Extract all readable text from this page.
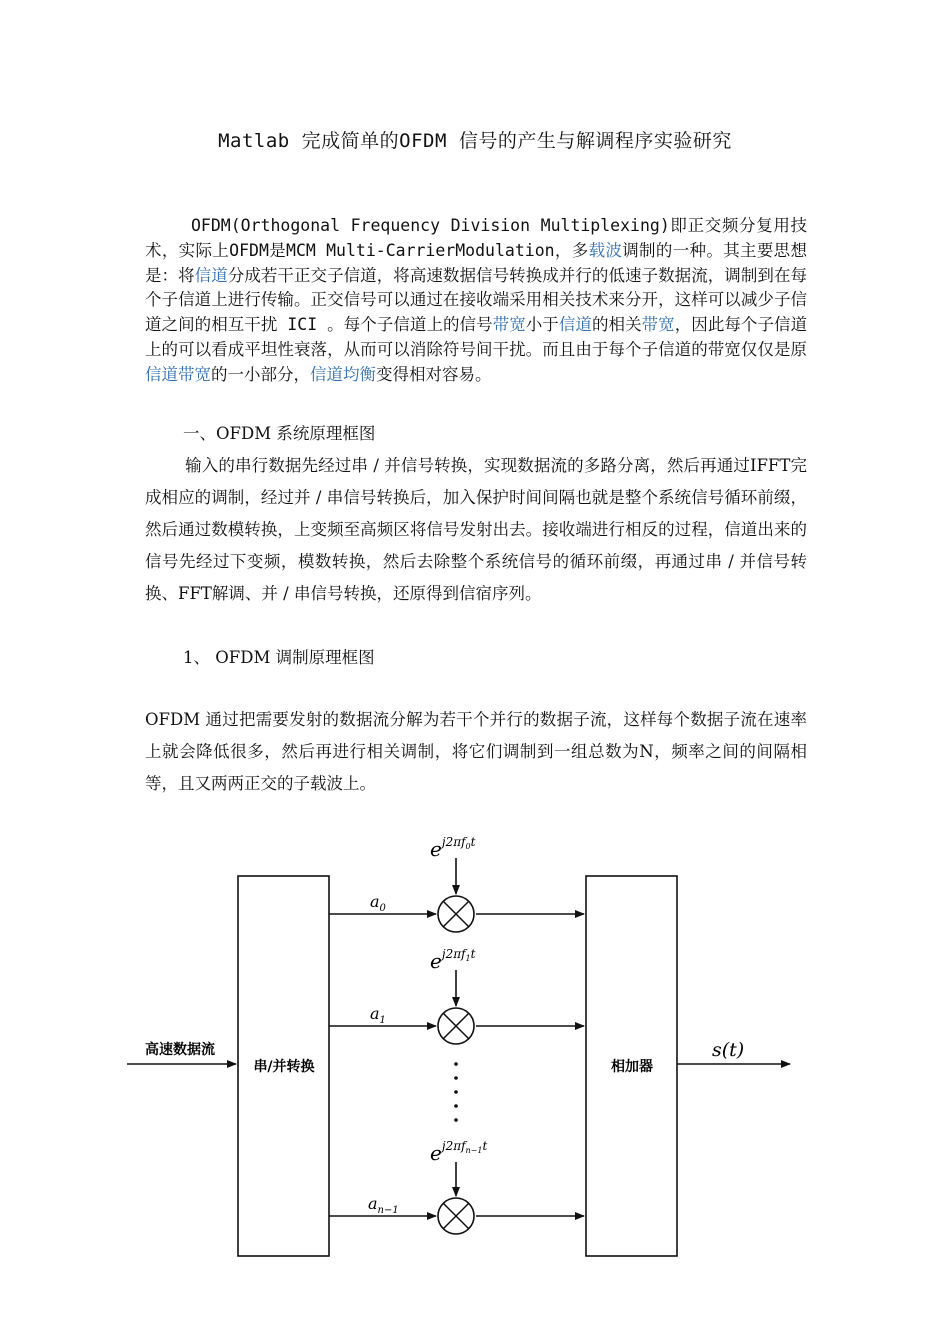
Matlab 完成简单的OFDM 信号的产生与解调程序实验研究
OFDM(Orthogonal Frequency Division Multiplexing)即正交频分复用技术，实际上OFDM是MCM Multi-CarrierModulation，多载波调制的一种。其主要思想是：将信道分成若干正交子信道，将高速数据信号转换成并行的低速子数据流，调制到在每个子信道上进行传输。正交信号可以通过在接收端采用相关技术来分开，这样可以减少子信道之间的相互干扰 ICI 。每个子信道上的信号带宽小于信道的相关带宽，因此每个子信道上的可以看成平坦性衰落，从而可以消除符号间干扰。而且由于每个子信道的带宽仅仅是原信道带宽的一小部分，信道均衡变得相对容易。
一、OFDM 系统原理框图
输入的串行数据先经过串 / 并信号转换，实现数据流的多路分离，然后再通过IFFT完成相应的调制，经过并 / 串信号转换后，加入保护时间间隔也就是整个系统信号循环前缀，然后通过数模转换，上变频至高频区将信号发射出去。接收端进行相反的过程，信道出来的信号先经过下变频，模数转换，然后去除整个系统信号的循环前缀，再通过串 / 并信号转换、FFT解调、并 / 串信号转换，还原得到信宿序列。
1、 OFDM 调制原理框图
OFDM 通过把需要发射的数据流分解为若干个并行的数据子流，这样每个数据子流在速率上就会降低很多，然后再进行相关调制，将它们调制到一组总数为N，频率之间的间隔相等，且又两两正交的子载波上。
串/并转换	相加器
高速数据流	s(t)
$a_0$
$e^{j2\pi f}0t$
$a_1$
$e^{j2\pi f}1t$
$a_{n-1}$
$e^{j2\pi f}n-1t$
